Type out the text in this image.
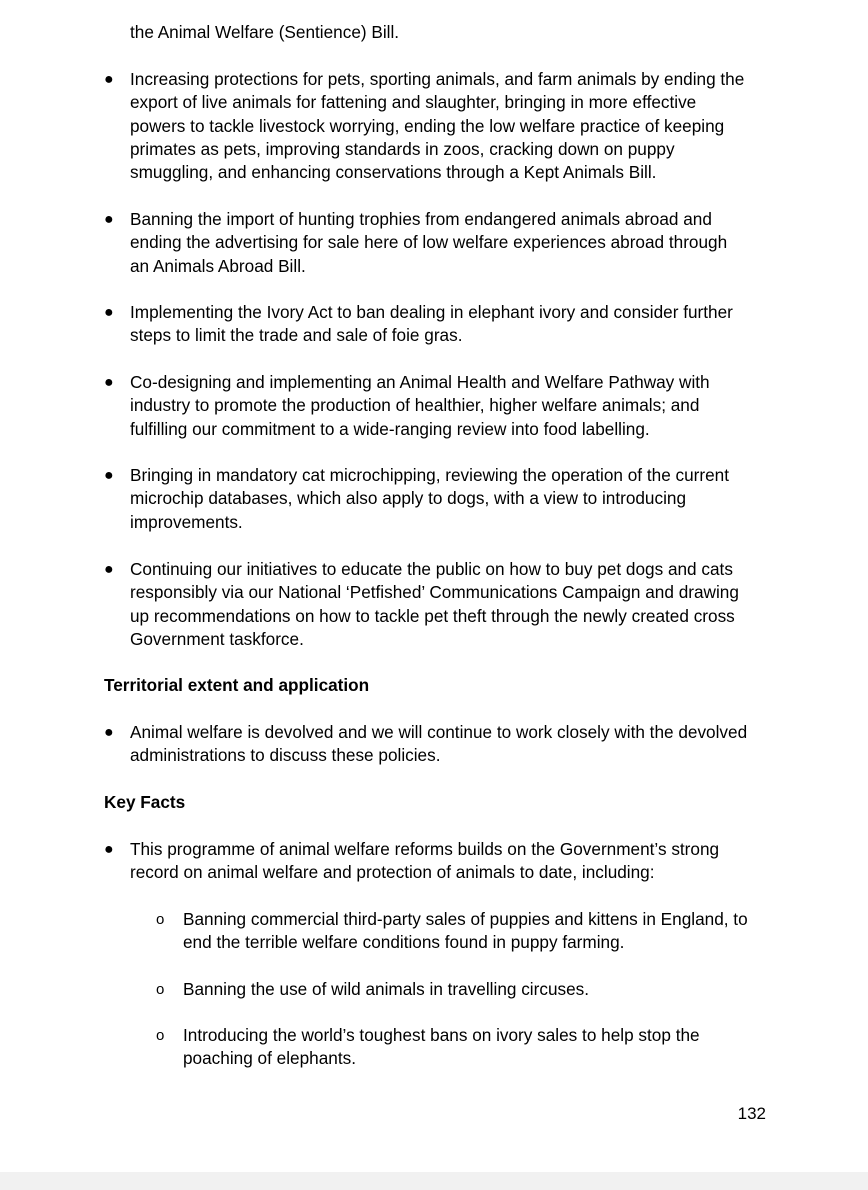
the Animal Welfare (Sentience) Bill.

● Increasing protections for pets, sporting animals, and farm animals by ending the
export of live animals for fattening and slaughter, bringing in more effective
powers to tackle livestock worrying, ending the low welfare practice of keeping
primates as pets, improving standards in zoos, cracking down on puppy
smuggling, and enhancing conservations through a Kept Animals Bill.

● Banning the import of hunting trophies from endangered animals abroad and
ending the advertising for sale here of low welfare experiences abroad through
an Animals Abroad Bill.

● Implementing the Ivory Act to ban dealing in elephant ivory and consider further
steps to limit the trade and sale of foie gras.

● Co-designing and implementing an Animal Health and Welfare Pathway with
industry to promote the production of healthier, higher welfare animals; and
fulfilling our commitment to a wide-ranging review into food labelling.

● Bringing in mandatory cat microchipping, reviewing the operation of the current
microchip databases, which also apply to dogs, with a view to introducing
improvements.

● Continuing our initiatives to educate the public on how to buy pet dogs and cats
responsibly via our National ‘Petfished’ Communications Campaign and drawing
up recommendations on how to tackle pet theft through the newly created cross
Government taskforce.

Territorial extent and application
● Animal welfare is devolved and we will continue to work closely with the devolved
administrations to discuss these policies.

Key Facts
● This programme of animal welfare reforms builds on the Government’s strong
record on animal welfare and protection of animals to date, including:

o	Banning commercial third-party sales of puppies and kittens in England, to
end the terrible welfare conditions found in puppy farming.

o	Banning the use of wild animals in travelling circuses.

o	Introducing the world’s toughest bans on ivory sales to help stop the
poaching of elephants.

132
